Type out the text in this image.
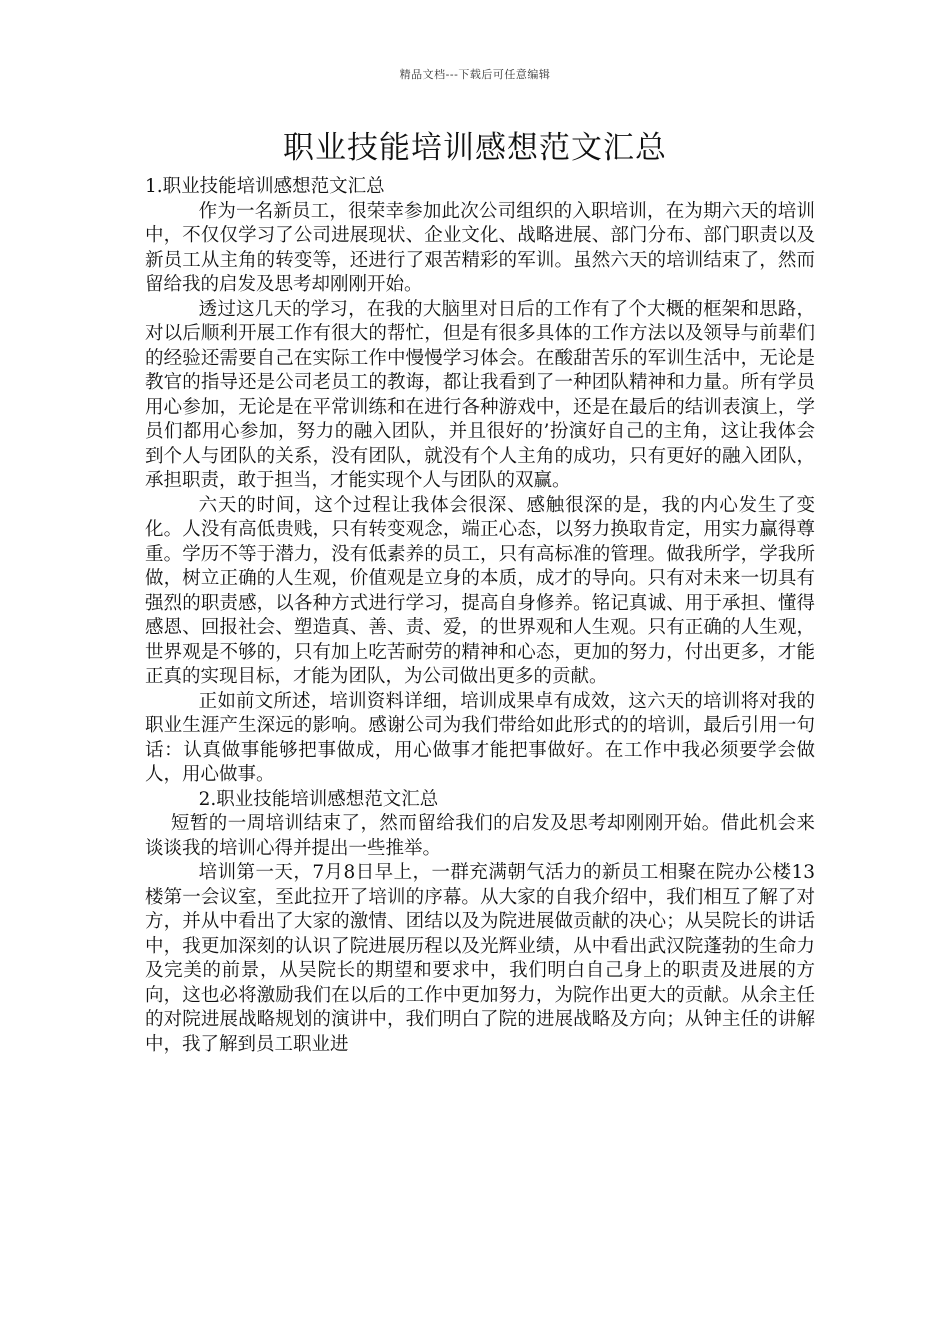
精品文档---下载后可任意编辑
职业技能培训感想范文汇总

1.职业技能培训感想范文汇总

作为一名新员工，很荣幸参加此次公司组织的入职培训，在为期六天的培训中，不仅仅学习了公司进展现状、企业文化、战略进展、部门分布、部门职责以及新员工从主角的转变等，还进行了艰苦精彩的军训。虽然六天的培训结束了，然而留给我的启发及思考却刚刚开始。

透过这几天的学习，在我的大脑里对日后的工作有了个大概的框架和思路，对以后顺利开展工作有很大的帮忙，但是有很多具体的工作方法以及领导与前辈们的经验还需要自己在实际工作中慢慢学习体会。在酸甜苦乐的军训生活中，无论是教官的指导还是公司老员工的教诲，都让我看到了一种团队精神和力量。所有学员用心参加，无论是在平常训练和在进行各种游戏中，还是在最后的结训表演上，学员们都用心参加，努力的融入团队，并且很好的’扮演好自己的主角，这让我体会到个人与团队的关系，没有团队，就没有个人主角的成功，只有更好的融入团队，承担职责，敢于担当，才能实现个人与团队的双赢。

六天的时间，这个过程让我体会很深、感触很深的是，我的内心发生了变化。人没有高低贵贱，只有转变观念，端正心态，以努力换取肯定，用实力赢得尊重。学历不等于潜力，没有低素养的员工，只有高标准的管理。做我所学，学我所做，树立正确的人生观，价值观是立身的本质，成才的导向。只有对未来一切具有强烈的职责感，以各种方式进行学习，提高自身修养。铭记真诚、用于承担、懂得感恩、回报社会、塑造真、善、责、爱，的世界观和人生观。只有正确的人生观，世界观是不够的，只有加上吃苦耐劳的精神和心态，更加的努力，付出更多，才能正真的实现目标，才能为团队，为公司做出更多的贡献。

正如前文所述，培训资料详细，培训成果卓有成效，这六天的培训将对我的职业生涯产生深远的影响。感谢公司为我们带给如此形式的的培训，最后引用一句话：认真做事能够把事做成，用心做事才能把事做好。在工作中我必须要学会做人，用心做事。

2.职业技能培训感想范文汇总

短暂的一周培训结束了，然而留给我们的启发及思考却刚刚开始。借此机会来谈谈我的培训心得并提出一些推举。

培训第一天，7月8日早上，一群充满朝气活力的新员工相聚在院办公楼13楼第一会议室，至此拉开了培训的序幕。从大家的自我介绍中，我们相互了解了对方，并从中看出了大家的激情、团结以及为院进展做贡献的决心；从吴院长的讲话中，我更加深刻的认识了院进展历程以及光辉业绩，从中看出武汉院蓬勃的生命力及完美的前景，从吴院长的期望和要求中，我们明白自己身上的职责及进展的方向，这也必将激励我们在以后的工作中更加努力，为院作出更大的贡献。从余主任的对院进展战略规划的演讲中，我们明白了院的进展战略及方向；从钟主任的讲解中，我了解到员工职业进
